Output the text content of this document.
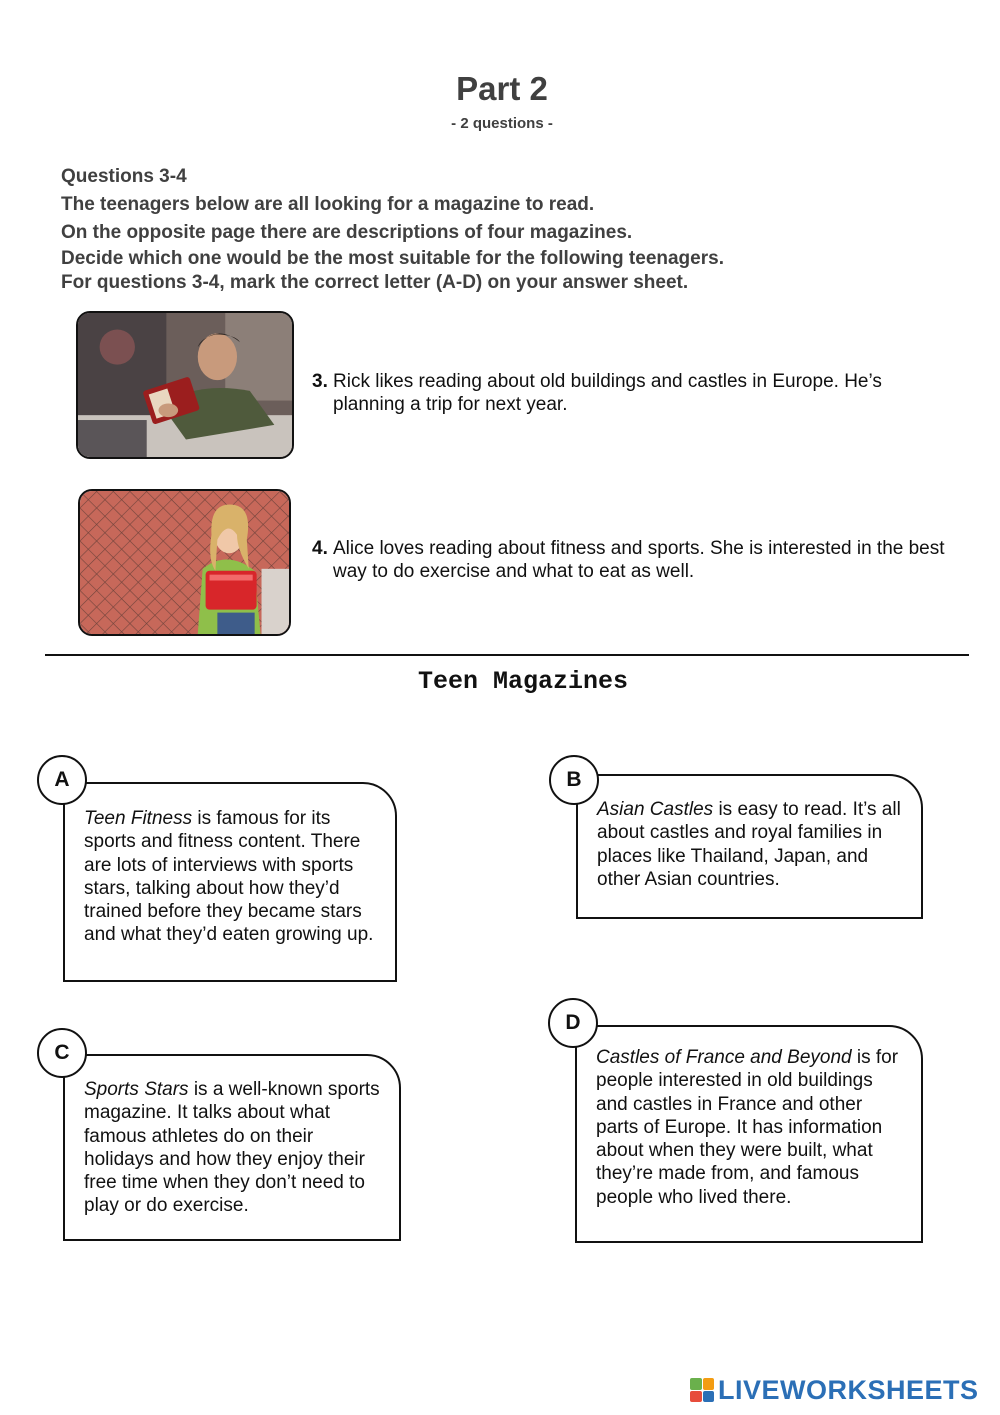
Part 2
- 2 questions -
Questions 3-4
The teenagers below are all looking for a magazine to read.
On the opposite page there are descriptions of four magazines.
Decide which one would be the most suitable for the following teenagers.
For questions 3-4, mark the correct letter (A-D) on your answer sheet.
3. Rick likes reading about old buildings and castles in Europe. He’s planning a trip for next year.
4. Alice loves reading about fitness and sports. She is interested in the best way to do exercise and what to eat as well.
Teen Magazines
Teen Fitness is famous for its sports and fitness content. There are lots of interviews with sports stars, talking about how they’d trained before they became stars and what they’d eaten growing up.
A
Asian Castles is easy to read. It’s all about castles and royal families in places like Thailand, Japan, and other Asian countries.
B
Sports Stars is a well-known sports magazine. It talks about what famous athletes do on their holidays and how they enjoy their free time when they don’t need to play or do exercise.
C	Castles of France and Beyond is for people interested in old buildings and castles in France and other parts of Europe. It has information about when they were built, what they’re made from, and famous people who lived there.
D
LIVEWORKSHEETS
